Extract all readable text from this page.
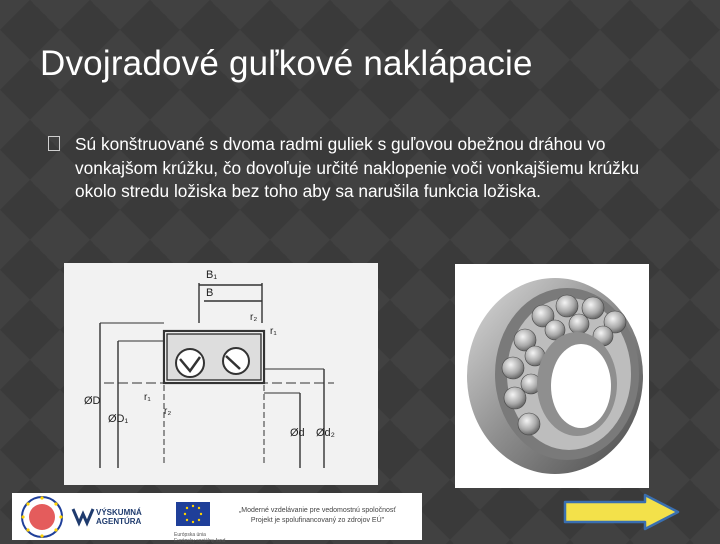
Dvojradové guľkové naklápacie
Sú konštruované s dvoma radmi guliek s guľovou obežnou dráhou vo vonkajšom krúžku, čo dovoľuje určité naklopenie voči vonkajšiemu krúžku okolo stredu ložiska bez toho aby sa narušila funkcia ložiska.
B₁
B
r₂
r₁
r₁
r₂
ØD
ØD₁
Ød Ød₂
VÝSKUMNÁ
AGENTÚRA
Európska únia
Európsky sociálny fond
„Moderné vzdelávanie pre vedomostnú spoločnosť
Projekt je spolufinancovaný zo zdrojov EÚ"
